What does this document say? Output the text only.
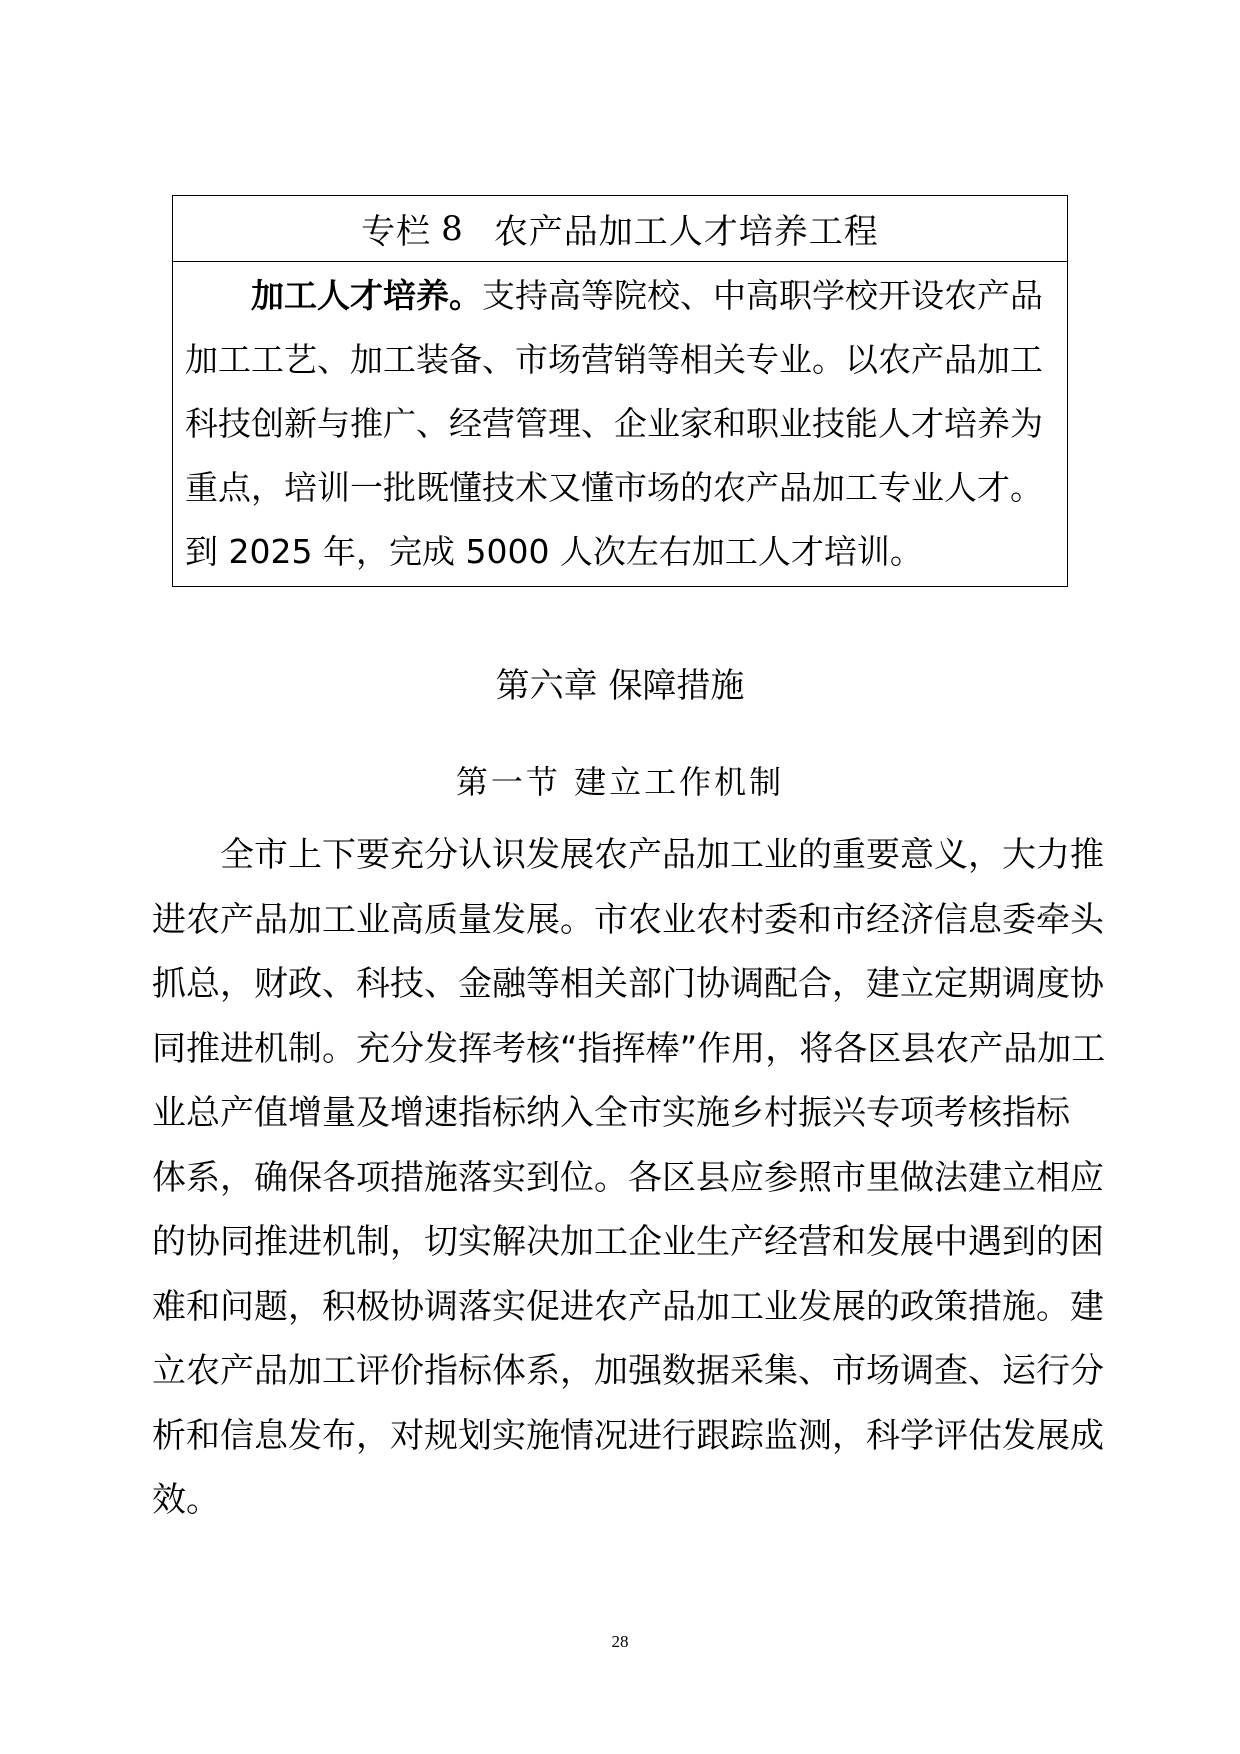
专栏 8 农产品加工人才培养工程
加工人才培养。支持高等院校、中高职学校开设农产品
加工工艺、加工装备、市场营销等相关专业。以农产品加工
科技创新与推广、经营管理、企业家和职业技能人才培养为
重点，培训一批既懂技术又懂市场的农产品加工专业人才。
到 2025 年，完成 5000 人次左右加工人才培训。
第六章 保障措施
第一节 建立工作机制
全市上下要充分认识发展农产品加工业的重要意义，大力推
进农产品加工业高质量发展。市农业农村委和市经济信息委牵头
抓总，财政、科技、金融等相关部门协调配合，建立定期调度协
同推进机制。充分发挥考核“指挥棒”作用，将各区县农产品加工
业总产值增量及增速指标纳入全市实施乡村振兴专项考核指标
体系，确保各项措施落实到位。各区县应参照市里做法建立相应
的协同推进机制，切实解决加工企业生产经营和发展中遇到的困
难和问题，积极协调落实促进农产品加工业发展的政策措施。建
立农产品加工评价指标体系，加强数据采集、市场调查、运行分
析和信息发布，对规划实施情况进行跟踪监测，科学评估发展成
效。
28
